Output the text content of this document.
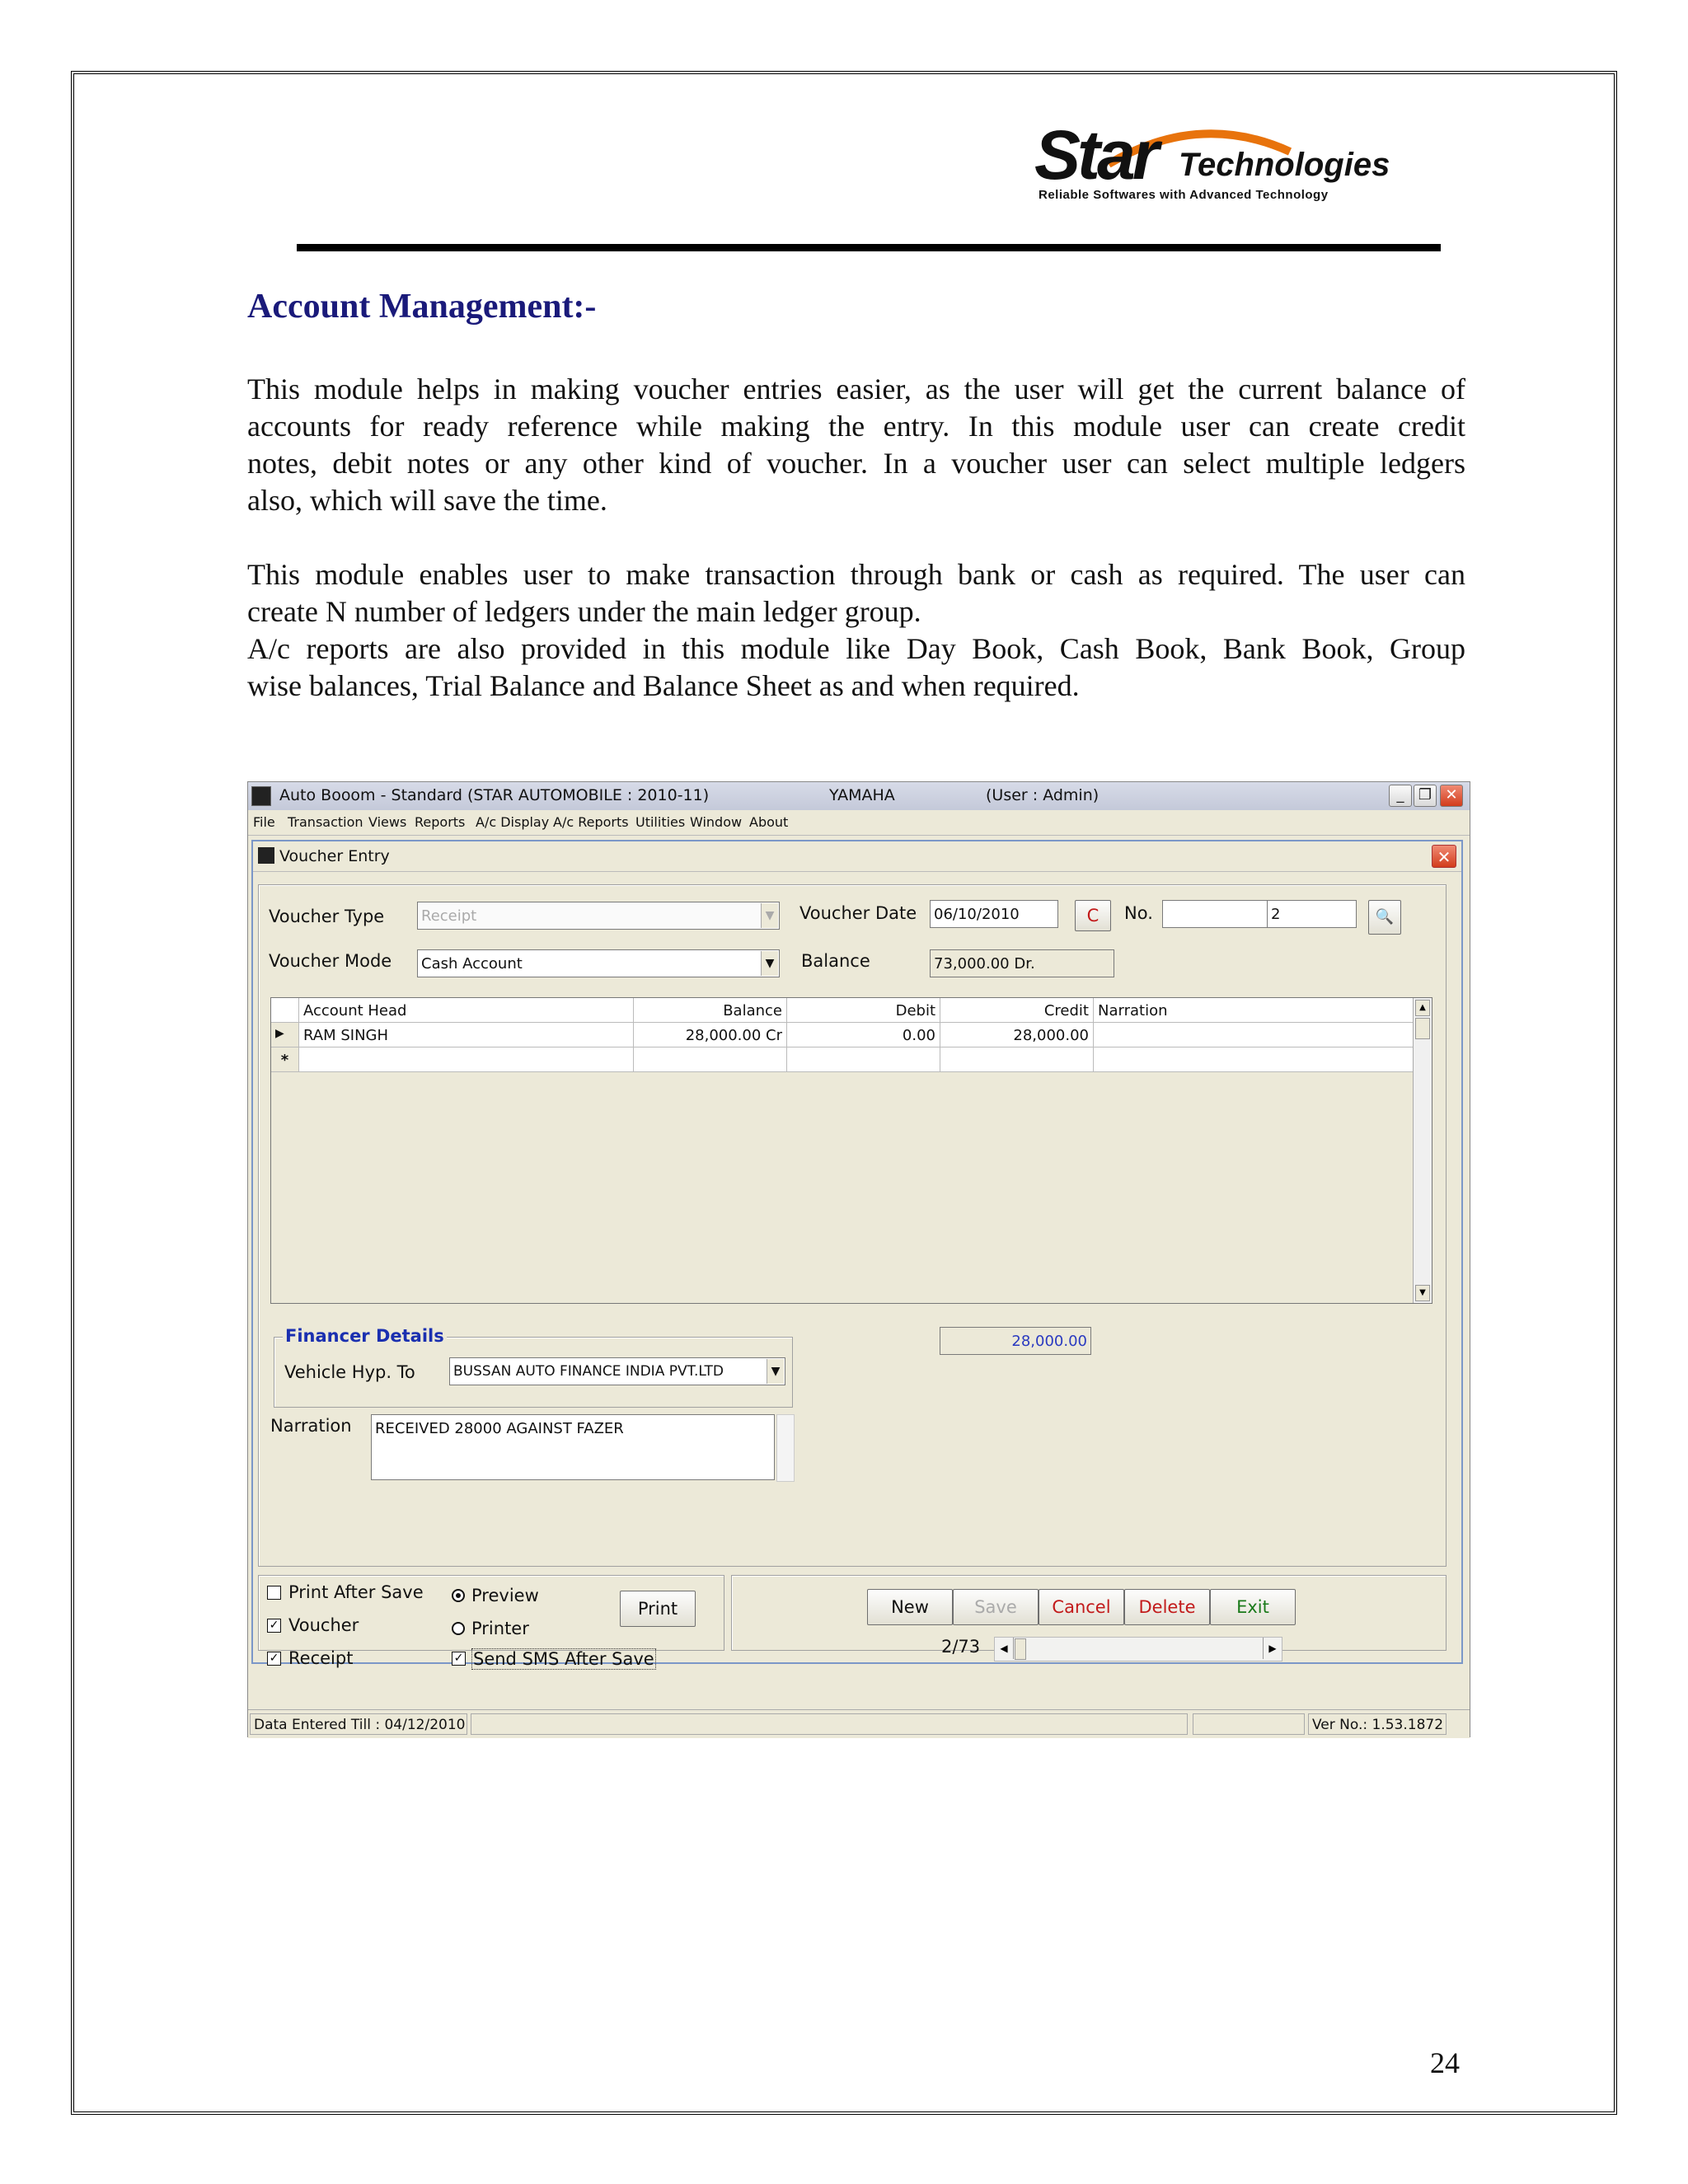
Star Technologies
Reliable Softwares with Advanced Technology
Account Management:-
This module helps in making voucher entries easier, as the user will get the current balance of
accounts for ready reference while making the entry. In this module user can create credit
notes, debit notes or any other kind of voucher. In a voucher user can select multiple ledgers
also, which will save the time.
This module enables user to make transaction through bank or cash as required. The user can
create N number of ledgers under the main ledger group.
A/c reports are also provided in this module like Day Book, Cash Book, Bank Book, Group
wise balances, Trial Balance and Balance Sheet as and when required.
Auto Booom - Standard (STAR AUTOMOBILE : 2010-11)	YAMAHA	(User : Admin)	_ ❐ ✕
File Transaction Views Reports A/c Display A/c Reports Utilities Window About
Voucher Entry	✕
Voucher Type Receipt	▼ Voucher Date 06/10/2010	C	No.	2	🔍
Voucher Mode Cash Account	▼ Balance	73,000.00 Dr.
Account Head	Balance	Debit	Credit Narration
▶	RAM SINGH	28,000.00 Cr	0.00	28,000.00
*
▲
▼
28,000.00
Financer Details
Vehicle Hyp. To	BUSSAN AUTO FINANCE INDIA PVT.LTD	▼
Narration RECEIVED 28000 AGAINST FAZER
Print After Save
✓ Voucher
✓ Receipt
Preview
Printer
✓ Send SMS After Save
Print	New	Save	Cancel	Delete	Exit
2/73	◀	▶
Data Entered Till : 04/12/2010	Ver No.: 1.53.1872
24
